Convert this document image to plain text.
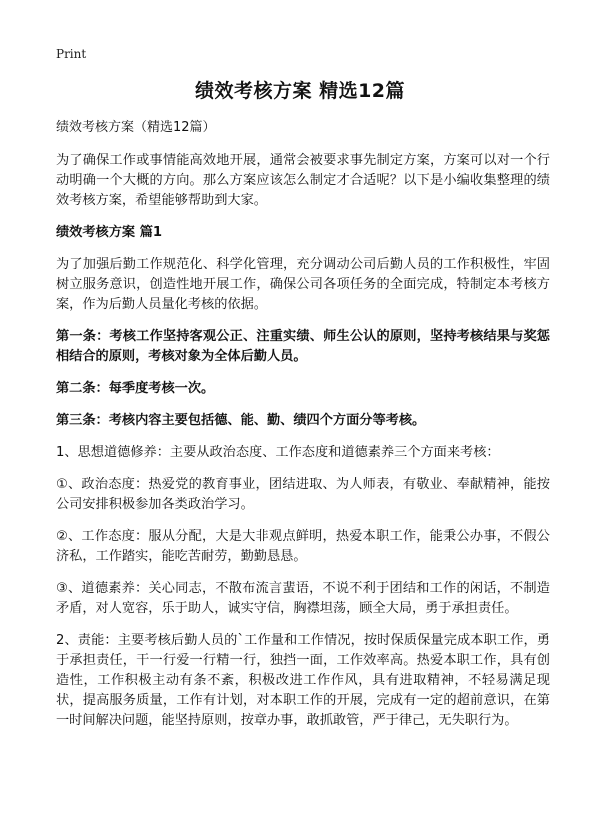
Print
绩效考核方案 精选12篇
绩效考核方案（精选12篇）

为了确保工作或事情能高效地开展，通常会被要求事先制定方案，方案可以对一个行动明确一个大概的方向。那么方案应该怎么制定才合适呢？以下是小编收集整理的绩效考核方案，希望能够帮助到大家。

绩效考核方案 篇1

为了加强后勤工作规范化、科学化管理，充分调动公司后勤人员的工作积极性，牢固树立服务意识，创造性地开展工作，确保公司各项任务的全面完成，特制定本考核方案，作为后勤人员量化考核的依据。

第一条：考核工作坚持客观公正、注重实绩、师生公认的原则，坚持考核结果与奖惩相结合的原则，考核对象为全体后勤人员。

第二条：每季度考核一次。

第三条：考核内容主要包括德、能、勤、绩四个方面分等考核。

1、思想道德修养：主要从政治态度、工作态度和道德素养三个方面来考核：

①、政治态度：热爱党的教育事业，团结进取、为人师表，有敬业、奉献精神，能按公司安排积极参加各类政治学习。

②、工作态度：服从分配，大是大非观点鲜明，热爱本职工作，能秉公办事，不假公济私，工作踏实，能吃苦耐劳，勤勤恳恳。

③、道德素养：关心同志，不散布流言蜚语，不说不利于团结和工作的闲话，不制造矛盾，对人宽容，乐于助人，诚实守信，胸襟坦荡，顾全大局，勇于承担责任。

2、责能：主要考核后勤人员的`工作量和工作情况，按时保质保量完成本职工作，勇于承担责任，干一行爱一行精一行，独挡一面，工作效率高。热爱本职工作，具有创造性，工作积极主动有条不紊，积极改进工作作风，具有进取精神，不轻易满足现状，提高服务质量，工作有计划，对本职工作的开展，完成有一定的超前意识，在第一时间解决问题，能坚持原则，按章办事，敢抓敢管，严于律己，无失职行为。
